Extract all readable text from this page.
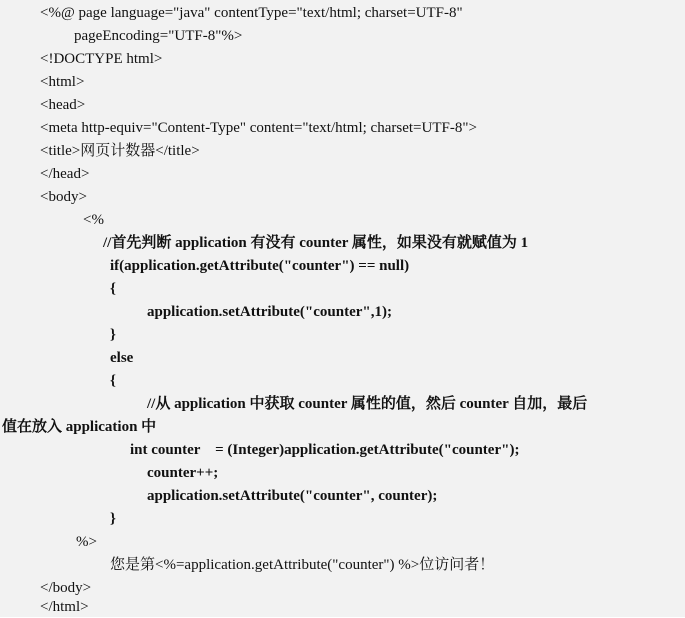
<%@ page language="java" contentType="text/html; charset=UTF-8"
pageEncoding="UTF-8"%>
<!DOCTYPE html>
<html>
<head>
<meta http-equiv="Content-Type" content="text/html; charset=UTF-8">
<title>网页计数器</title>
</head>
<body>
<%
//首先判断 application 有没有 counter 属性，如果没有就赋值为 1
if(application.getAttribute("counter") == null)
{
application.setAttribute("counter",1);
}
else
{
//从 application 中获取 counter 属性的值，然后 counter 自加，最后
值在放入 application 中
int counter    = (Integer)application.getAttribute("counter");
counter++;
application.setAttribute("counter", counter);
}
%>
您是第<%=application.getAttribute("counter") %>位访问者！
</body>
</html>
